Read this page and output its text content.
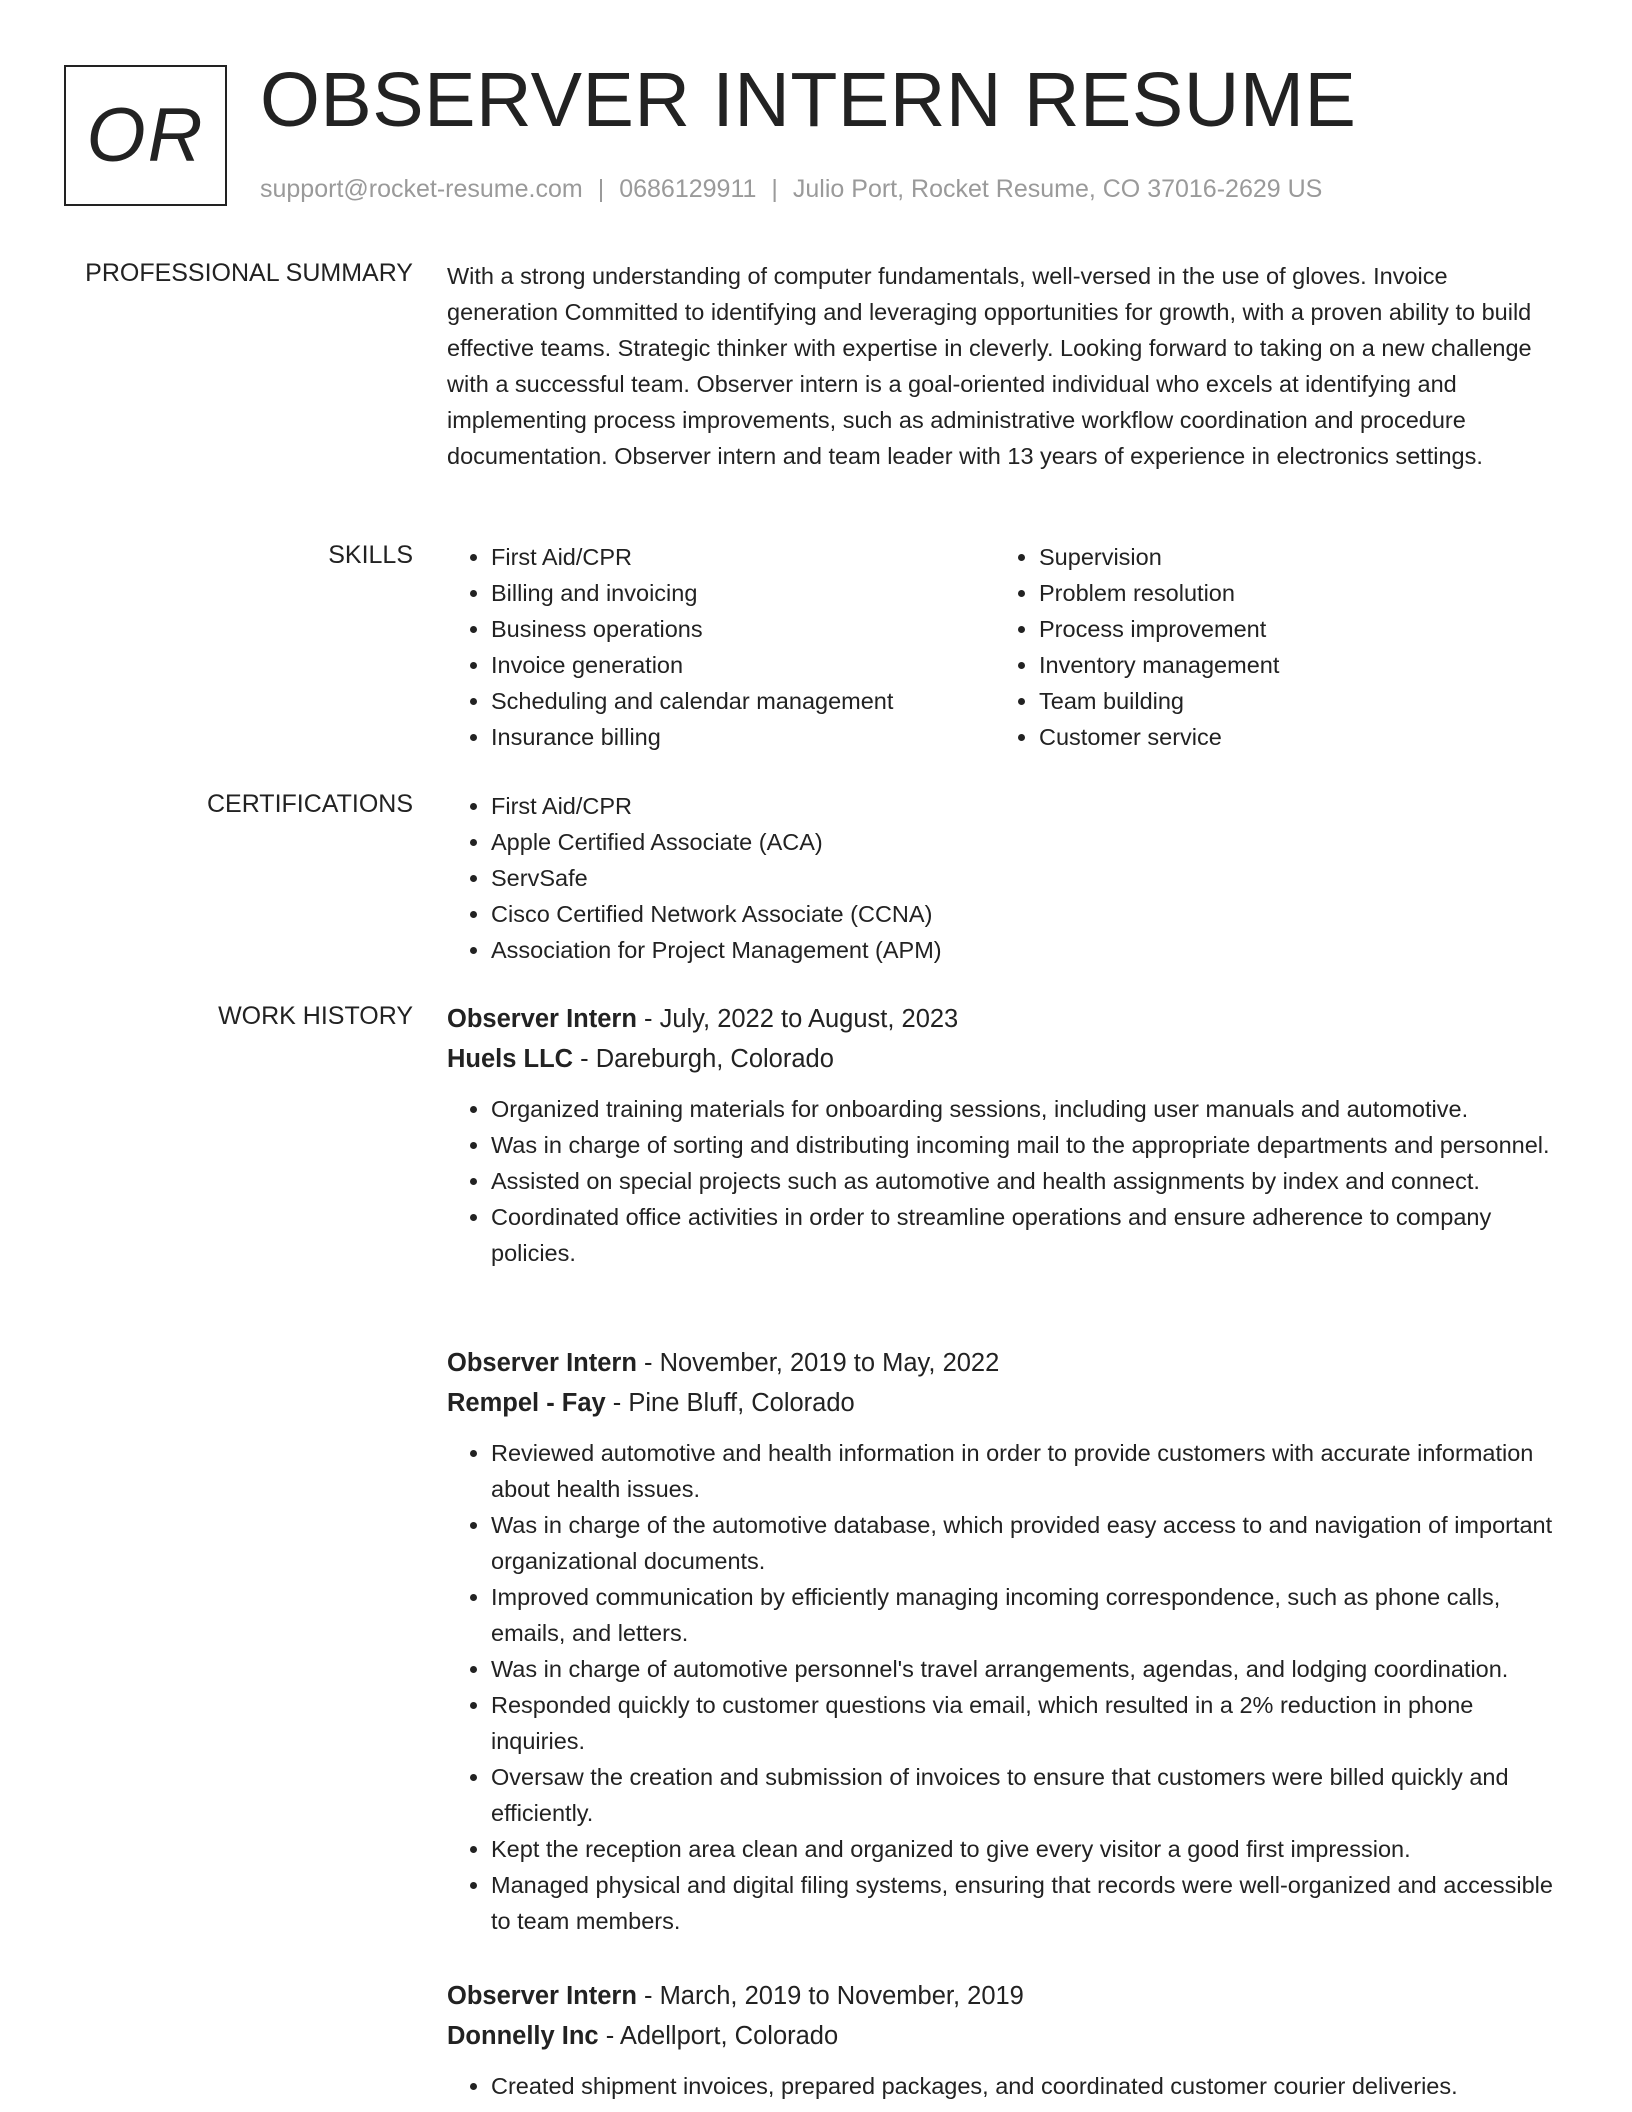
OR OBSERVER INTERN RESUME
support@rocket-resume.com | 0686129911 | Julio Port, Rocket Resume, CO 37016-2629 US
PROFESSIONAL SUMMARY With a strong understanding of computer fundamentals, well-versed in the use of gloves. Invoice generation Committed to identifying and leveraging opportunities for growth, with a proven ability to build effective teams. Strategic thinker with expertise in cleverly. Looking forward to taking on a new challenge with a successful team. Observer intern is a goal-oriented individual who excels at identifying and implementing process improvements, such as administrative workflow coordination and procedure documentation. Observer intern and team leader with 13 years of experience in electronics settings.

SKILLS	• First Aid/CPR
• Billing and invoicing
• Business operations
• Invoice generation
• Scheduling and calendar management
• Insurance billing
• Supervision
• Problem resolution
• Process improvement
• Inventory management
• Team building
• Customer service
CERTIFICATIONS	• First Aid/CPR
• Apple Certified Associate (ACA)
• ServSafe
• Cisco Certified Network Associate (CCNA)
• Association for Project Management (APM)
WORK HISTORY Observer Intern - July, 2022 to August, 2023
Huels LLC - Dareburgh, Colorado
• Organized training materials for onboarding sessions, including user manuals and automotive.
• Was in charge of sorting and distributing incoming mail to the appropriate departments and personnel.
• Assisted on special projects such as automotive and health assignments by index and connect.
• Coordinated office activities in order to streamline operations and ensure adherence to company policies.
Observer Intern - November, 2019 to May, 2022
Rempel - Fay - Pine Bluff, Colorado
• Reviewed automotive and health information in order to provide customers with accurate information about health issues.
• Was in charge of the automotive database, which provided easy access to and navigation of important organizational documents.
• Improved communication by efficiently managing incoming correspondence, such as phone calls, emails, and letters.
• Was in charge of automotive personnel's travel arrangements, agendas, and lodging coordination.
• Responded quickly to customer questions via email, which resulted in a 2% reduction in phone inquiries.
• Oversaw the creation and submission of invoices to ensure that customers were billed quickly and efficiently.
• Kept the reception area clean and organized to give every visitor a good first impression.
• Managed physical and digital filing systems, ensuring that records were well-organized and accessible to team members.
Observer Intern - March, 2019 to November, 2019
Donnelly Inc - Adellport, Colorado
• Created shipment invoices, prepared packages, and coordinated customer courier deliveries.
